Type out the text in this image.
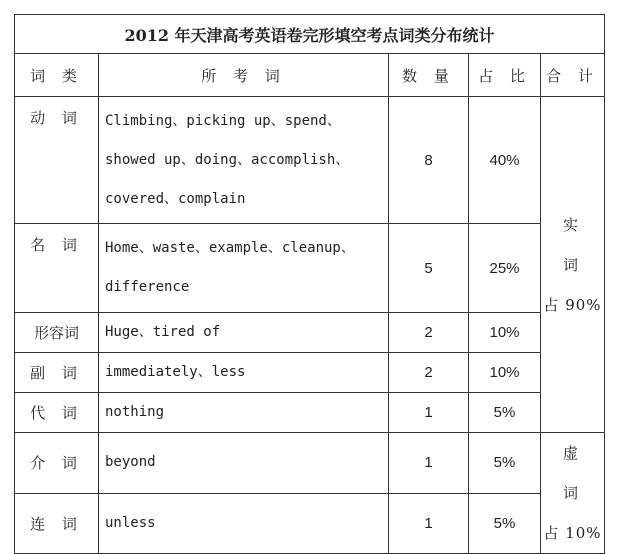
2012 年天津高考英语卷完形填空考点词类分布统计				
词 类	所 考 词	数 量	占 比	合 计
动 词	Climbing、picking up、spend、showed up、doing、accomplish、covered、complain	8	40%	实 词
占 90%

名 词	Home、waste、example、cleanup、difference	5	25%	
形容词	Huge、tired of	2	10%	
副 词	immediately、less	2	10%	
代 词	nothing	1	5%	
介 词	beyond	1	5%	虚 词
占 10%

连 词	unless	1	5%	
